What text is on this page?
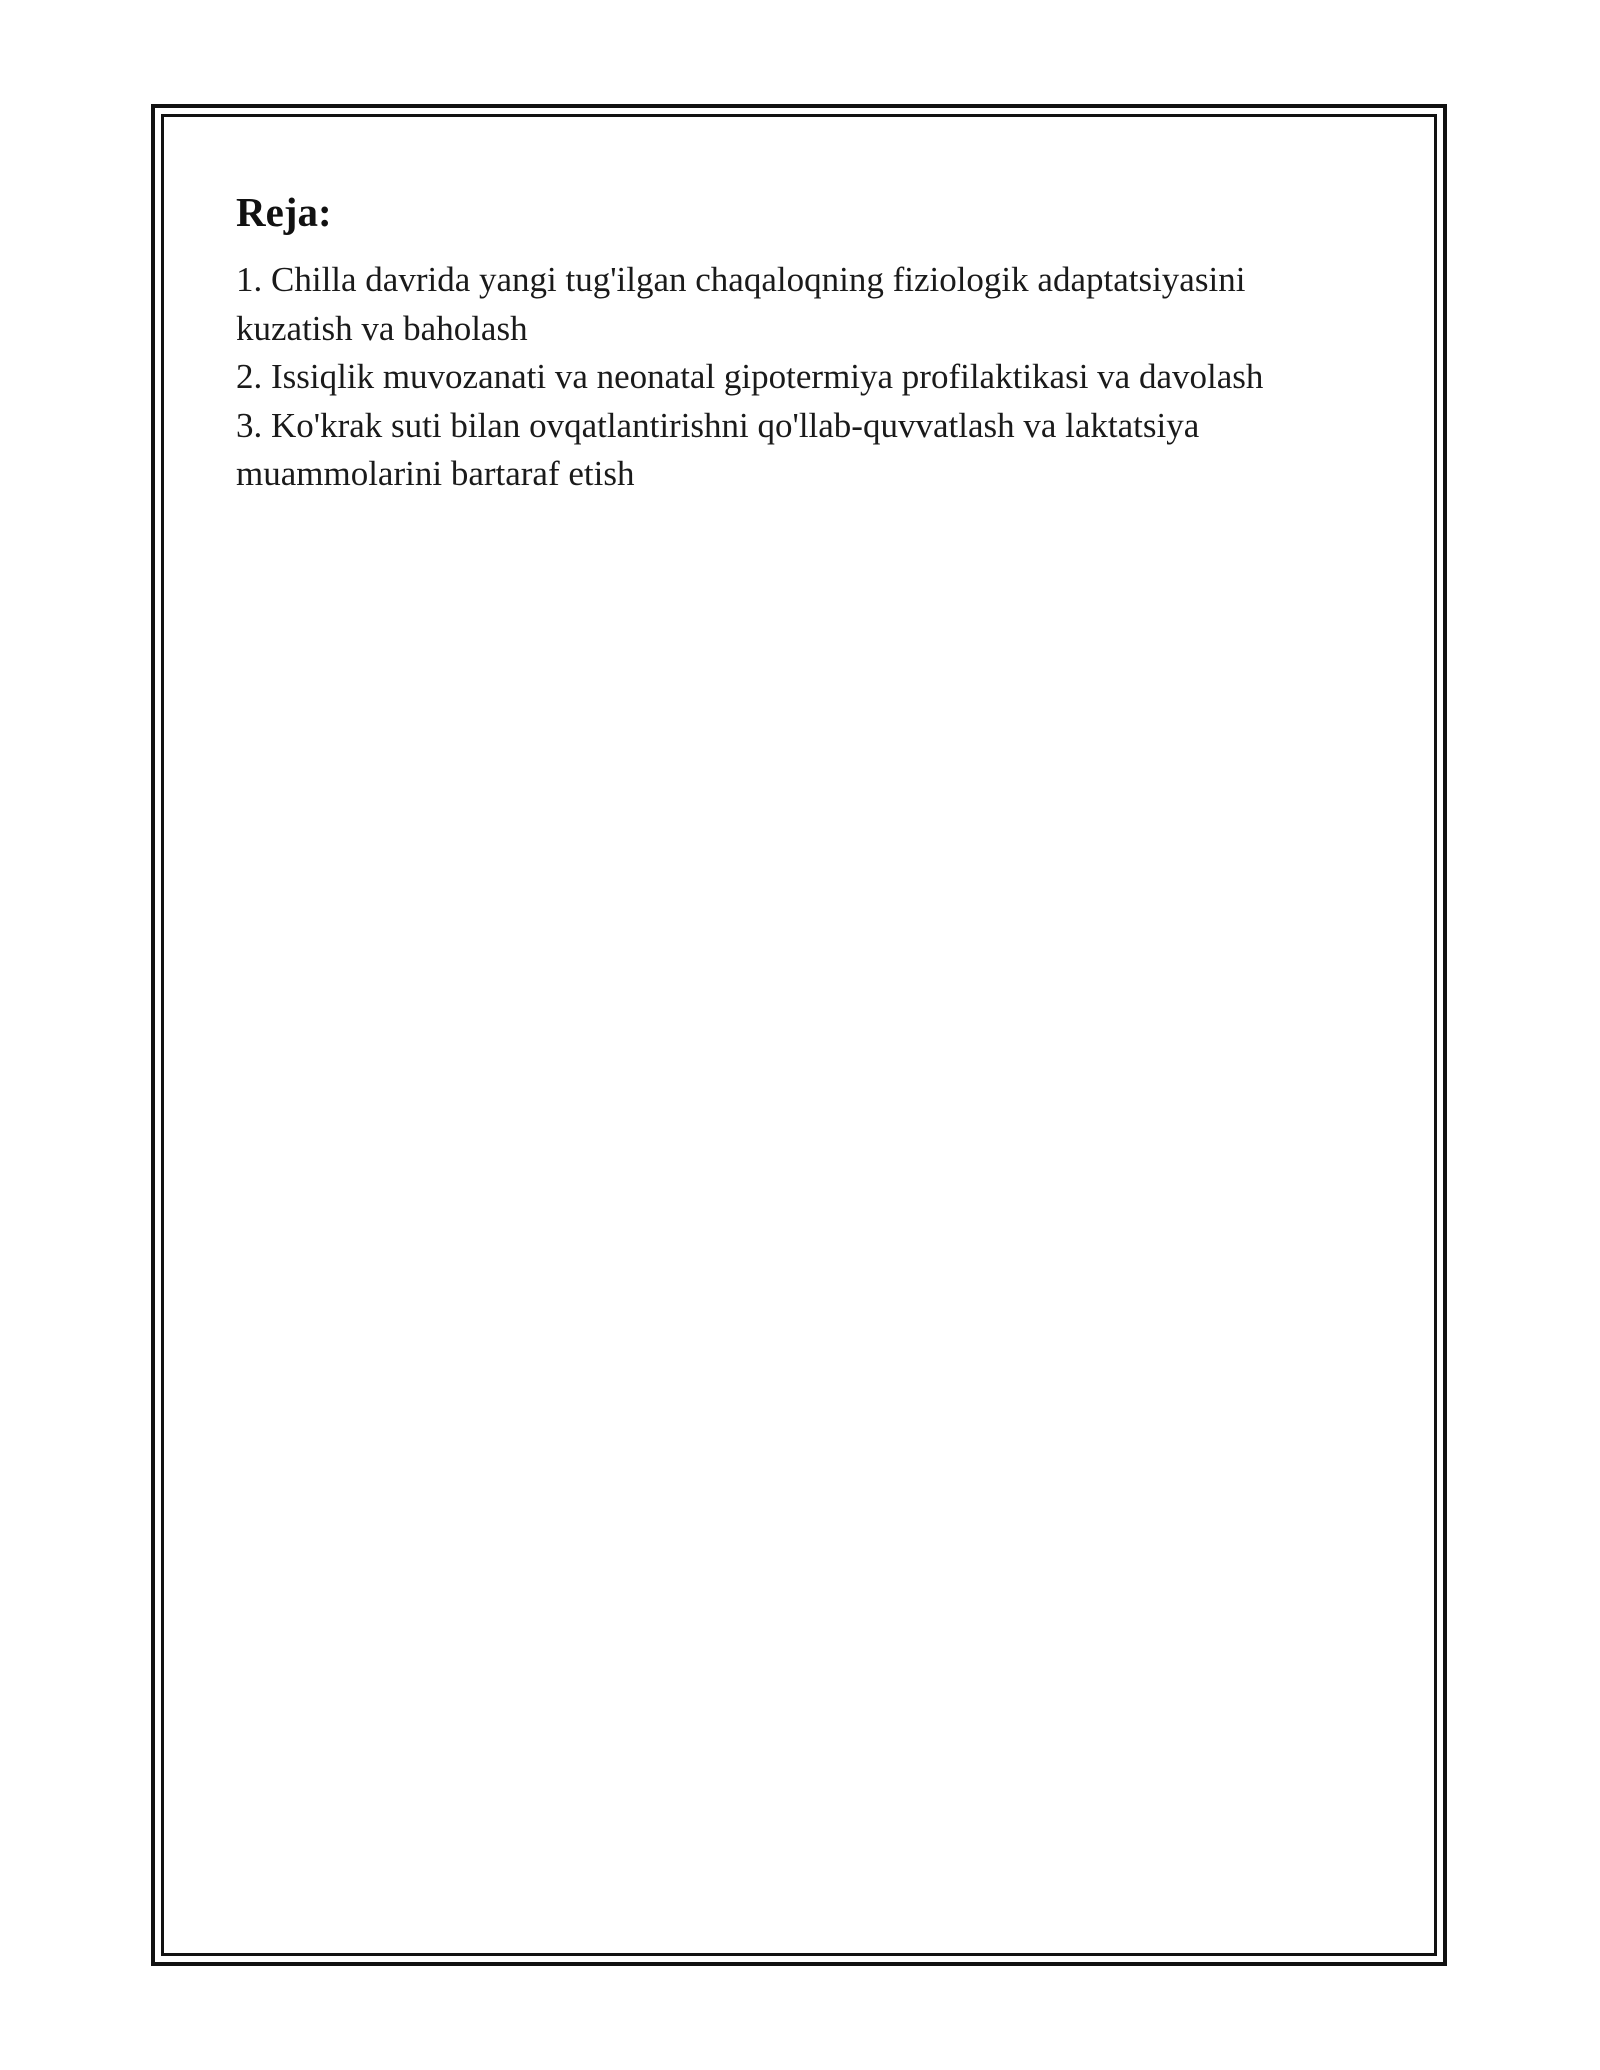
Reja:
1. Chilla davrida yangi tug'ilgan chaqaloqning fiziologik adaptatsiyasini kuzatish va baholash
2. Issiqlik muvozanati va neonatal gipotermiya profilaktikasi va davolash
3. Ko'krak suti bilan ovqatlantirishni qo'llab-quvvatlash va laktatsiya muammolarini bartaraf etish
